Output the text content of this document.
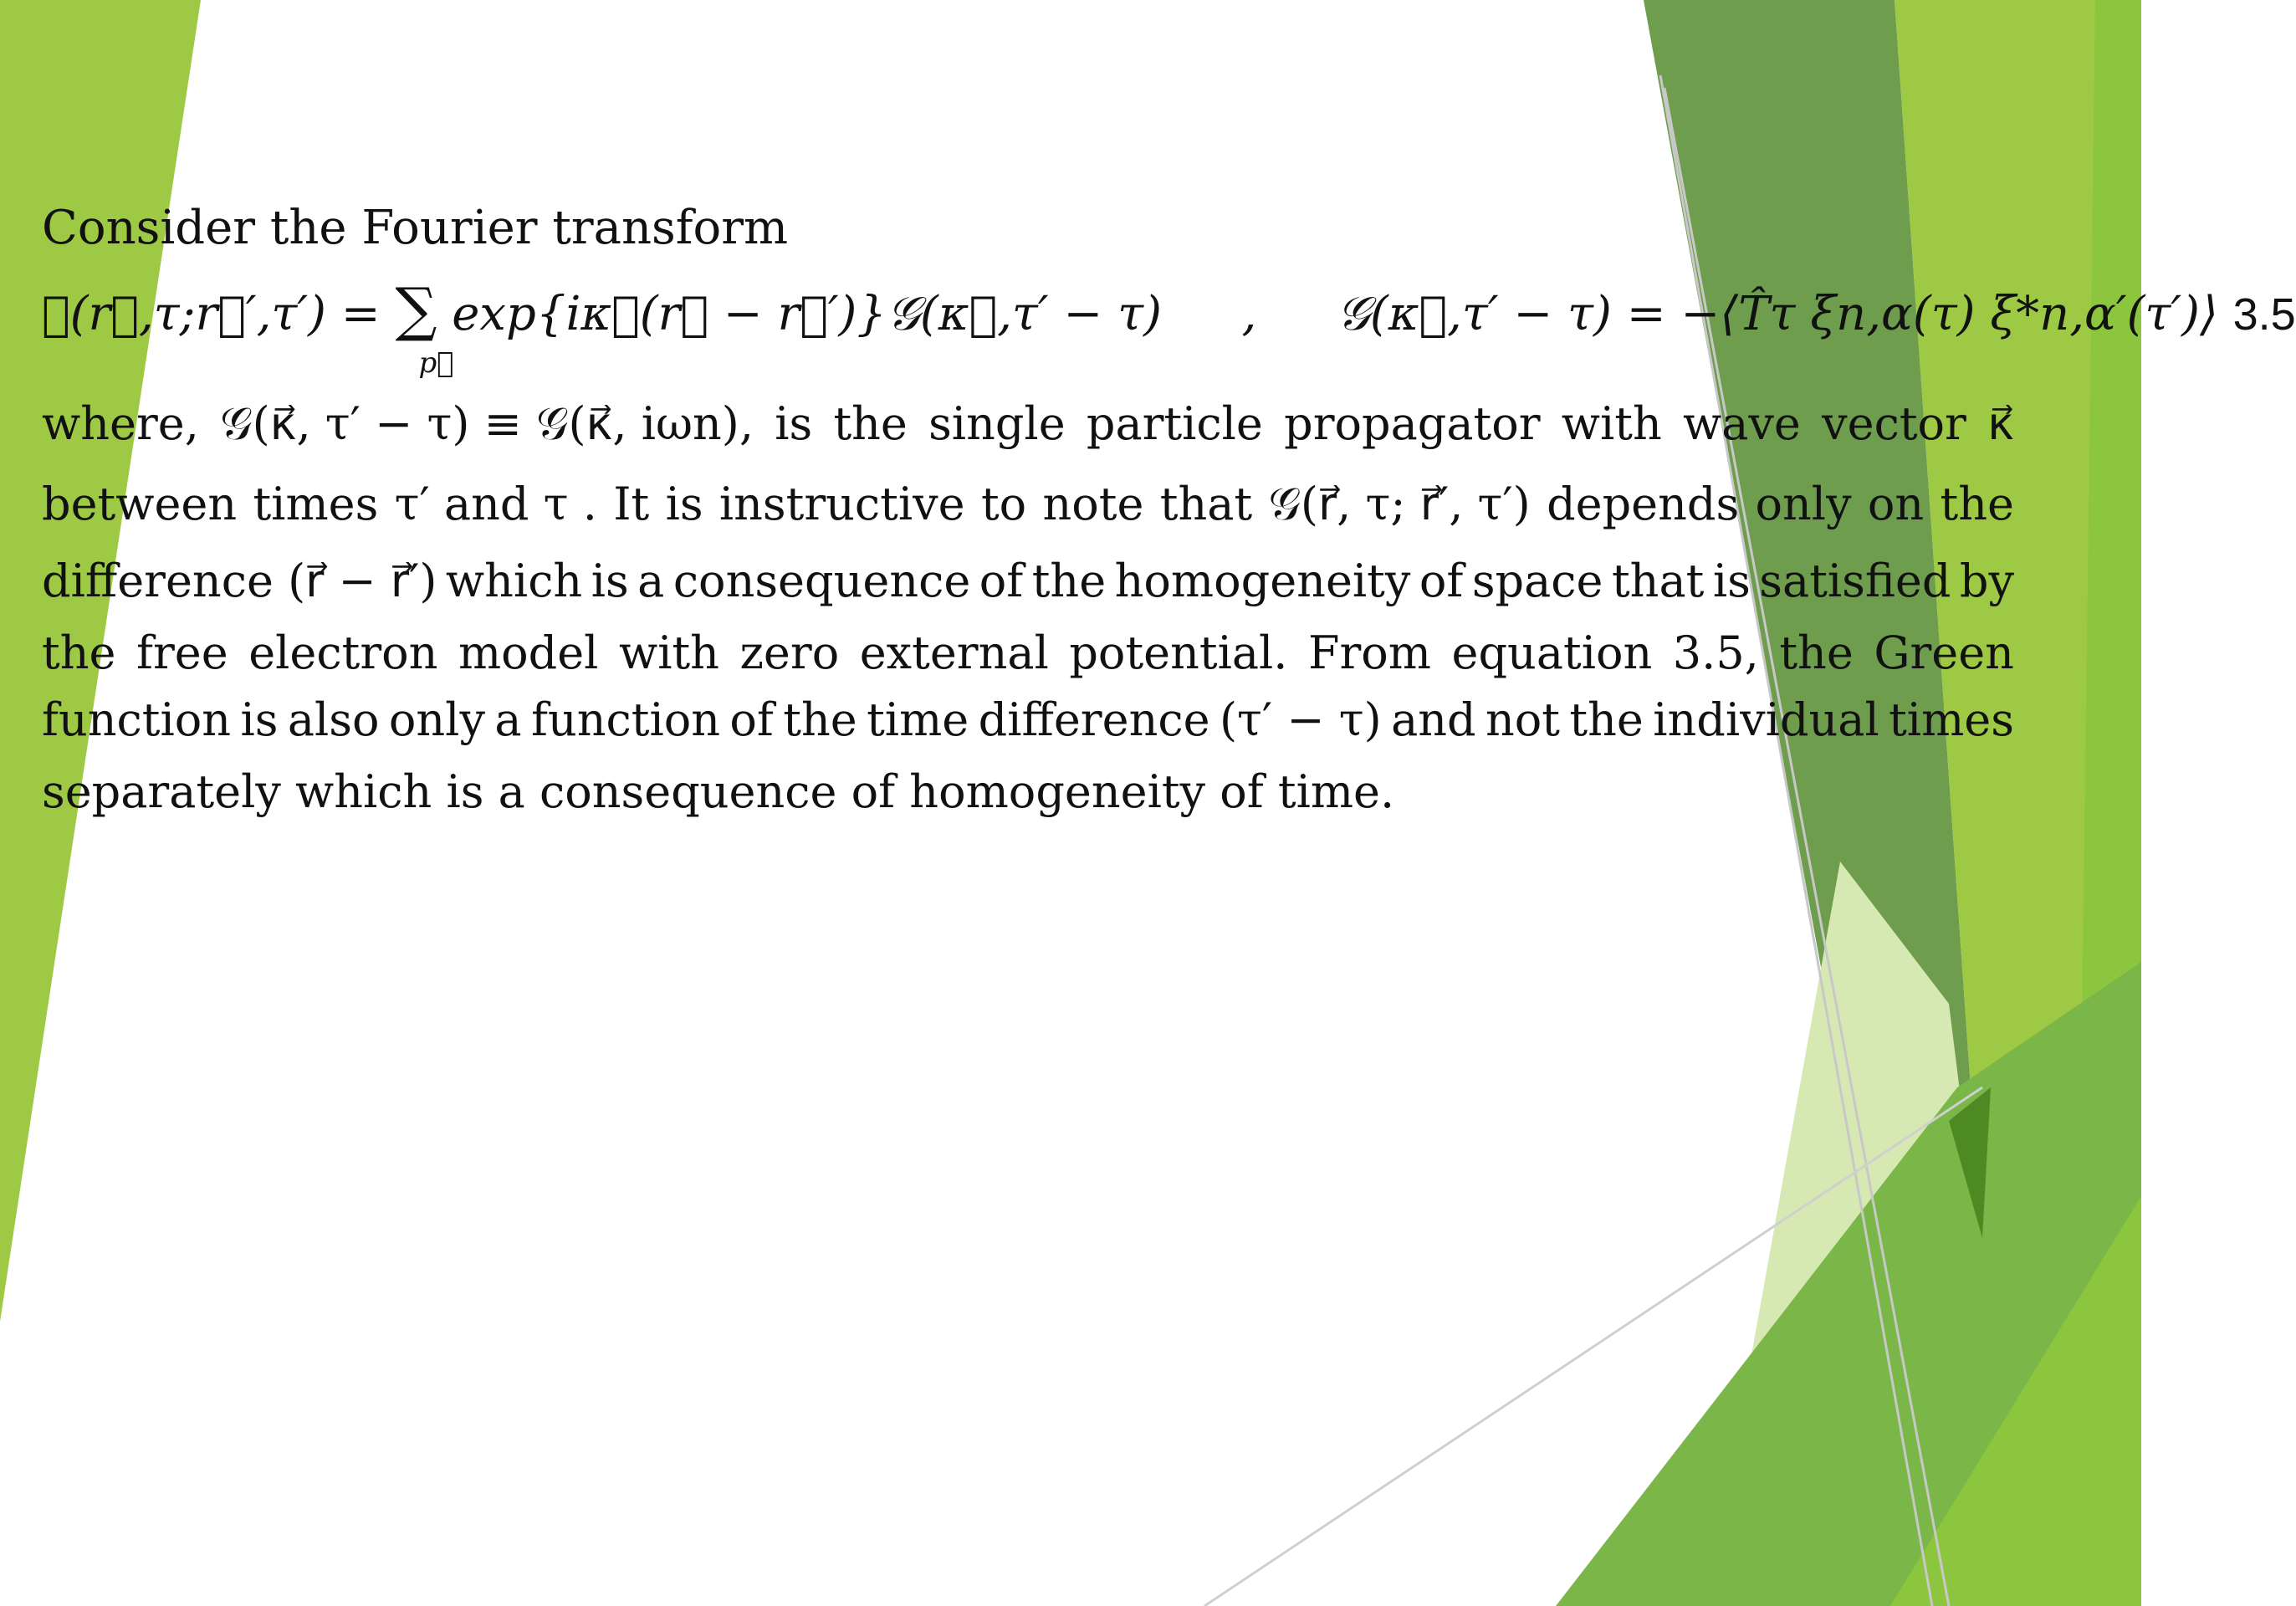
Consider the Fourier transform
𝒢(r⃗,τ;r⃗′,τ′) = ∑
p⃗
exp{iκ⃗(r⃗ − r⃗′)}𝒢(κ⃗,τ′ − τ) , 𝒢(κ⃗,τ′ − τ) = −⟨T̂τ ξn,α(τ) ξ*n,α′(τ′)⟩ 3.5
where, 𝒢(κ⃗, τ′ − τ) ≡ 𝒢(κ⃗, iωn), is the single particle propagator with wave vector κ⃗
between times τ′ and τ . It is instructive to note that 𝒢(r⃗, τ; r⃗′, τ′) depends only on the
difference (r⃗ − r⃗′) which is a consequence of the homogeneity of space that is satisfied by
the free electron model with zero external potential. From equation 3.5, the Green
function is also only a function of the time difference (τ′ − τ) and not the individual times
separately which is a consequence of homogeneity of time.
